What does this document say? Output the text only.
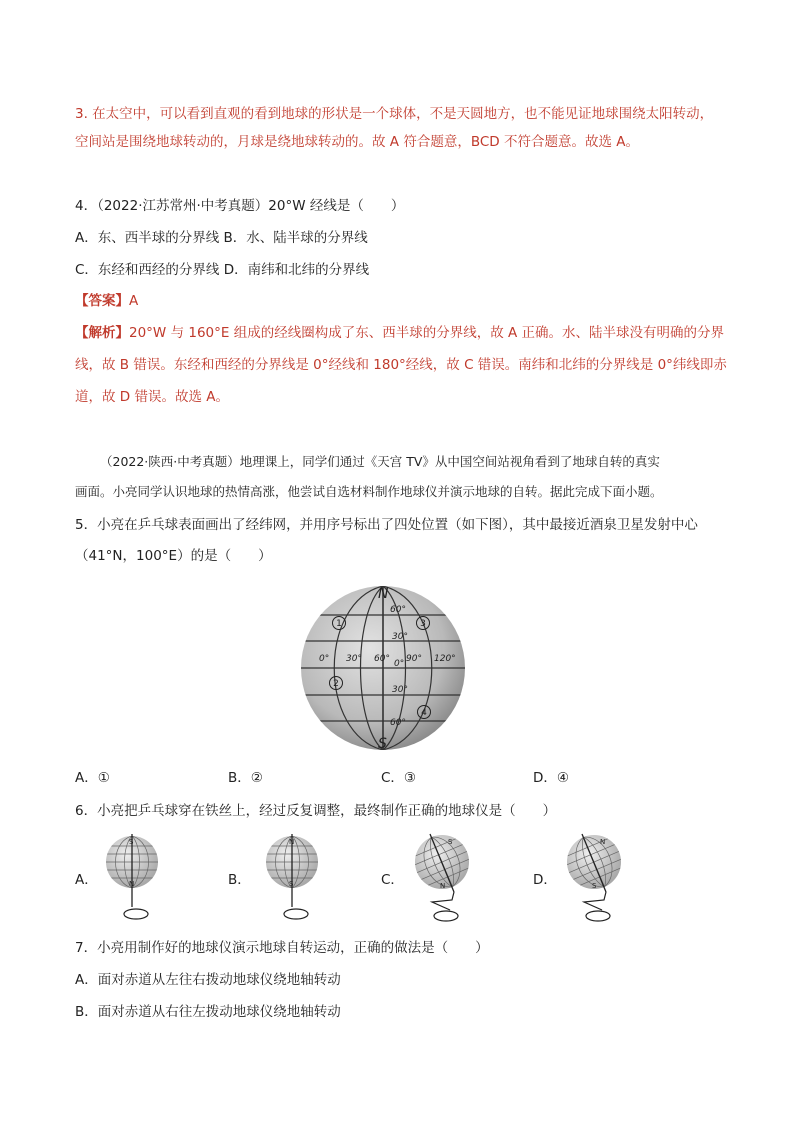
3. 在太空中，可以看到直观的看到地球的形状是一个球体，不是天圆地方，也不能见证地球围绕太阳转动，
空间站是围绕地球转动的，月球是绕地球转动的。故 A 符合题意，BCD 不符合题意。故选 A。
4．（2022·江苏常州·中考真题）20°W 经线是（　　）
A．东、西半球的分界线 B．水、陆半球的分界线
C．东经和西经的分界线 D．南纬和北纬的分界线
【答案】A
【解析】20°W 与 160°E 组成的经线圈构成了东、西半球的分界线，故 A 正确。水、陆半球没有明确的分界
线，故 B 错误。东经和西经的分界线是 0°经线和 180°经线，故 C 错误。南纬和北纬的分界线是 0°纬线即赤
道，故 D 错误。故选 A。
（2022·陕西·中考真题）地理课上，同学们通过《天宫 TV》从中国空间站视角看到了地球自转的真实
画面。小亮同学认识地球的热情高涨，他尝试自选材料制作地球仪并演示地球的自转。据此完成下面小题。
5．小亮在乒乓球表面画出了经纬网，并用序号标出了四处位置（如下图），其中最接近酒泉卫星发射中心
（41°N，100°E）的是（　　）
N
S
60°
30°
0°
30°
60°
0° 30° 60° 90° 120°
1
2
3
4
A．①	B．②	C．③	D．④
6．小亮把乒乓球穿在铁丝上，经过反复调整，最终制作正确的地球仪是（　　）
A．	B．	C．	D．
S
N
N
S
S
N
N
S
7．小亮用制作好的地球仪演示地球自转运动，正确的做法是（　　）
A．面对赤道从左往右拨动地球仪绕地轴转动
B．面对赤道从右往左拨动地球仪绕地轴转动
